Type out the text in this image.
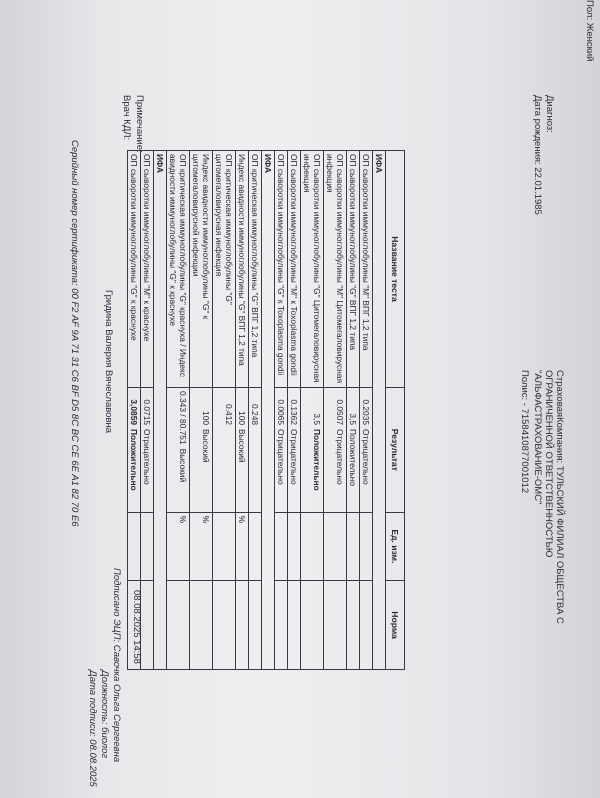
Пол: Женский
Диагноз:
Дата рождения: 22.01.1985
СтраховаяКомпания: ТУЛЬСКИЙ ФИЛИАЛ ОБЩЕСТВА С
ОГРАНИЧЕННОЙ ОТВЕТСТВЕННОСТЬЮ
"АЛЬФАСТРАХОВАНИЕ-ОМС"
Полис: - 7158410877001012
Название теста	Результат	Ед. изм.	Норма
ИФА			
ОП сыворотки иммуноглобулины "М" ВПГ 1,2 типа	0.2035Отрицательно		
ОП сыворотки иммуноглобулины "G" ВПГ 1,2 типа	3,5Положительно		
ОП сыворотки иммуноглобулины "М" Цитомегаловирусная инфекция	0.0507Отрицательно		
ОП сыворотки иммуноглобулины "G" Цитомегаловирусная инфекция	3,5Положительно		
ОП сыворотки иммуноглобулины "М" к Toxoplasma gondii	0.1362Отрицательно		
ОП сыворотки иммуноглобулины "G" к Toxoplasma gondii	0.0065Отрицательно		
ИФА			
ОП критическая иммуноглобулины "G" ВПГ 1,2 типа	0.248		
Индекс авидности иммуноглобулины "G" ВПГ 1,2 типа	100Высокий	%	
ОП критическая иммуноглобулины "G" цитомегаловирусная инфекция	0.412		
Индекс авидности иммуноглобулины "G" к цитомегаловирусной инфекции	100Высокий	%	
ОП критическая иммуноглобулины "G" краснуха / Индекс авидности иммуноглобулины "G" к краснухе	0.343 / 80.751Высокий	%	
ИФА			
ОП сыворотки иммуноглобулины "М" к краснухе	0.0715Отрицательно		
ОП сыворотки иммуноглобулины "G" к краснухе	3,0859Положительно		
Примечание:
Врач КДЛ:
Гридина Валерия Вячеславовна
08.08.2025 14:58
Подписано ЭЦП: Савочка Ольга Сергеевна
Должность: биолог
Дата подписи: 08.08.2025
Серийный номер сертификата: 00 F2 AF 9A 71 31 C6 BF D5 8C BC CE 6E A1 82 70 E6
